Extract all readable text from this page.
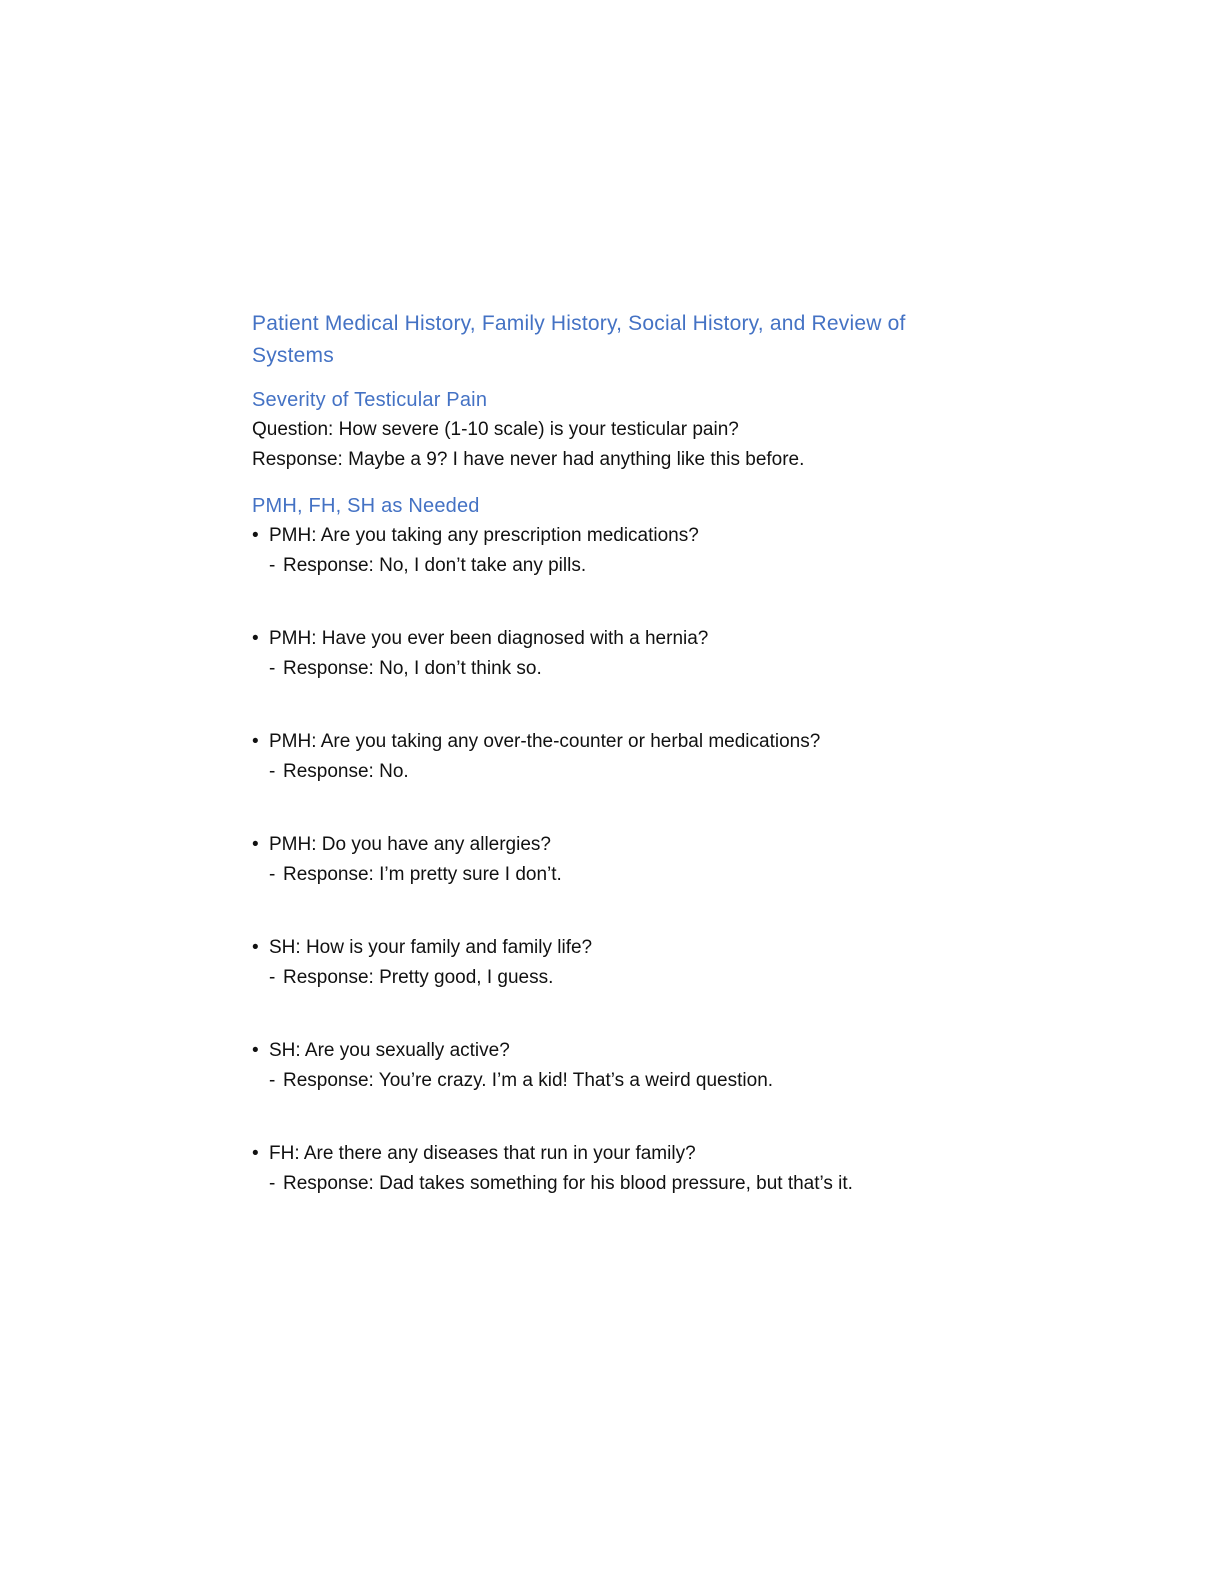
Patient Medical History, Family History, Social History, and Review of Systems
Severity of Testicular Pain

Question: How severe (1-10 scale) is your testicular pain?

Response: Maybe a 9? I have never had anything like this before.

PMH, FH, SH as Needed
• PMH: Are you taking any prescription medications?
- Response: No, I don’t take any pills.
• PMH: Have you ever been diagnosed with a hernia?
- Response: No, I don’t think so.
• PMH: Are you taking any over-the-counter or herbal medications?
- Response: No.
• PMH: Do you have any allergies?
- Response: I’m pretty sure I don’t.
• SH: How is your family and family life?
- Response: Pretty good, I guess.
• SH: Are you sexually active?
- Response: You’re crazy. I’m a kid! That’s a weird question.
• FH: Are there any diseases that run in your family?
- Response: Dad takes something for his blood pressure, but that’s it.
